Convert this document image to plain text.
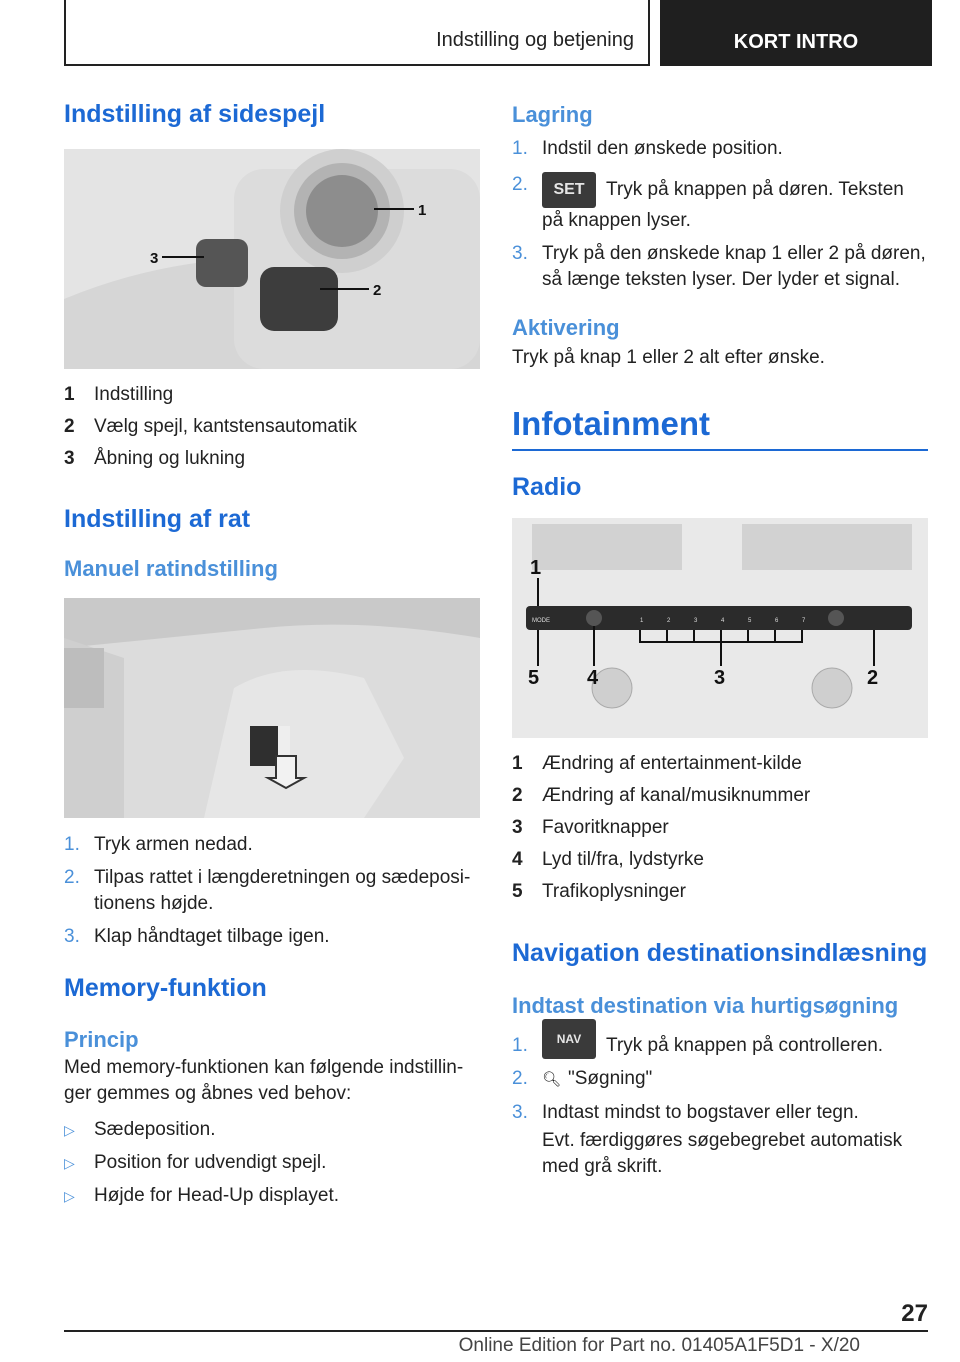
Indstilling og betjening	KORT INTRO
Indstilling af sidespejl
1
2
3
1	Indstilling
2	Vælg spejl, kantstensautomatik
3	Åbning og lukning
Indstilling af rat
Manuel ratindstilling
1. Tryk armen nedad.
2. Tilpas rattet i længderetningen og sædepositionens højde.
3. Klap håndtaget tilbage igen.
Memory-funktion
Princip

Med memory-funktionen kan følgende indstillinger gemmes og åbnes ved behov:

▷	Sædeposition.
▷	Position for udvendigt spejl.
▷	Højde for Head-Up displayet.
Lagring
1. Indstil den ønskede position.
2.	SET Tryk på knappen på døren. Teksten på knappen lyser.
3. Tryk på den ønskede knap 1 eller 2 på døren, så længe teksten lyser. Der lyder et signal.
Aktivering

Tryk på knap 1 eller 2 alt efter ønske.

Infotainment
Radio
MODE	1	2	3	4	5	6	7
1
5 4	3	2
1	Ændring af entertainment-kilde
2	Ændring af kanal/musiknummer
3	Favoritknapper
4	Lyd til/fra, lydstyrke
5	Trafikoplysninger
Navigation destinationsindlæsning
Indtast destination via hurtigsøgning
1.	NAV Tryk på knappen på controlleren.
2. 🔍︎ "Søgning"
3. Indtast mindst to bogstaver eller tegn.

Evt. færdiggøres søgebegrebet automatisk med grå skrift.

27
Online Edition for Part no. 01405A1F5D1 - X/20
